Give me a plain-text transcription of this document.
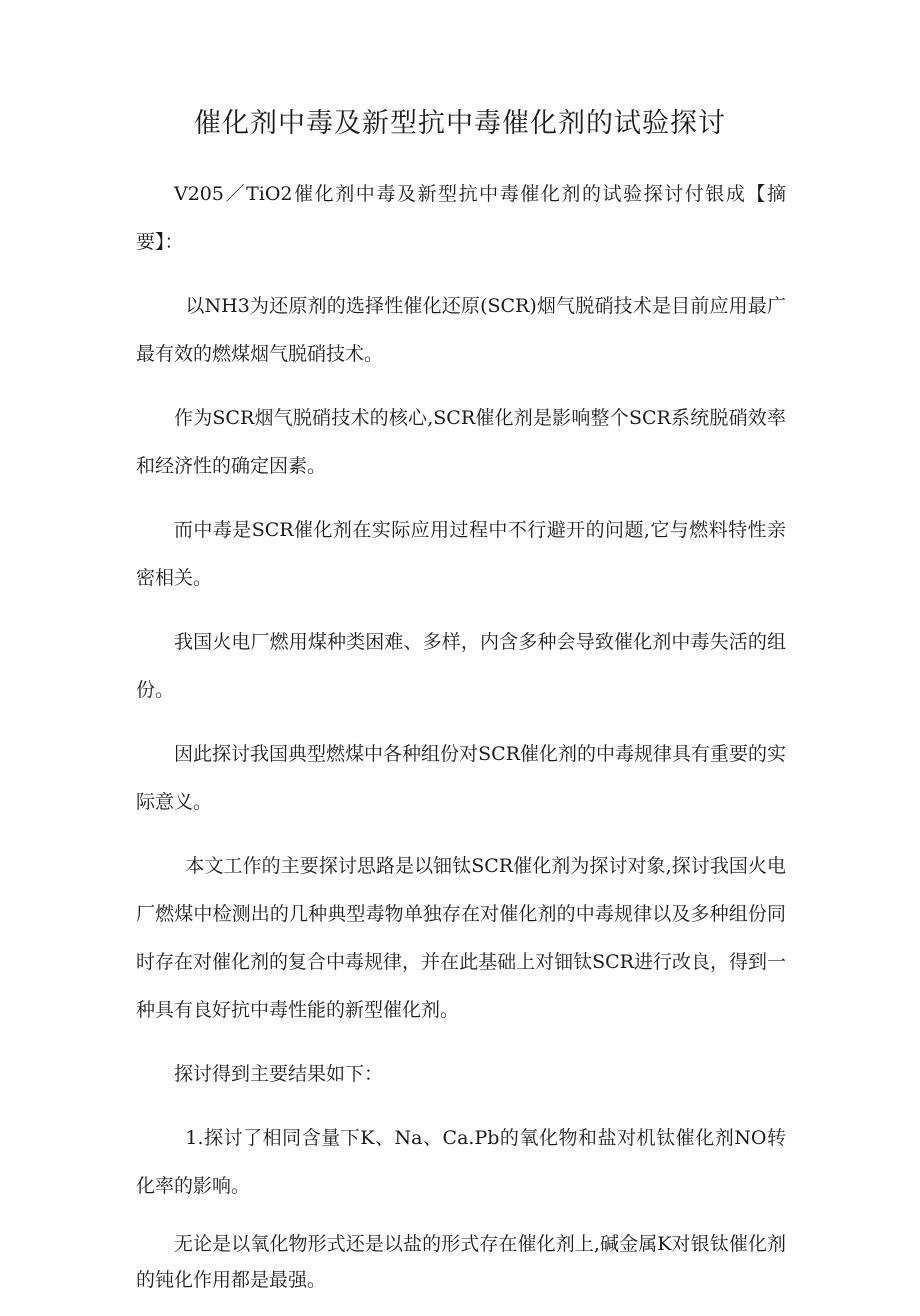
催化剂中毒及新型抗中毒催化剂的试验探讨

V205／TiO2催化剂中毒及新型抗中毒催化剂的试验探讨付银成【摘要】：

以NH3为还原剂的选择性催化还原(SCR)烟气脱硝技术是目前应用最广最有效的燃煤烟气脱硝技术。

作为SCR烟气脱硝技术的核心,SCR催化剂是影响整个SCR系统脱硝效率和经济性的确定因素。

而中毒是SCR催化剂在实际应用过程中不行避开的问题,它与燃料特性亲密相关。

我国火电厂燃用煤种类困难、多样，内含多种会导致催化剂中毒失活的组份。

因此探讨我国典型燃煤中各种组份对SCR催化剂的中毒规律具有重要的实际意义。

本文工作的主要探讨思路是以钿钛SCR催化剂为探讨对象,探讨我国火电厂燃煤中检测出的几种典型毒物单独存在对催化剂的中毒规律以及多种组份同时存在对催化剂的复合中毒规律，并在此基础上对钿钛SCR进行改良，得到一种具有良好抗中毒性能的新型催化剂。

探讨得到主要结果如下：

1.探讨了相同含量下K、Na、Ca.Pb的氧化物和盐对机钛催化剂NO转化率的影响。

无论是以氧化物形式还是以盐的形式存在催化剂上,碱金属K对银钛催化剂的钝化作用都是最强。
